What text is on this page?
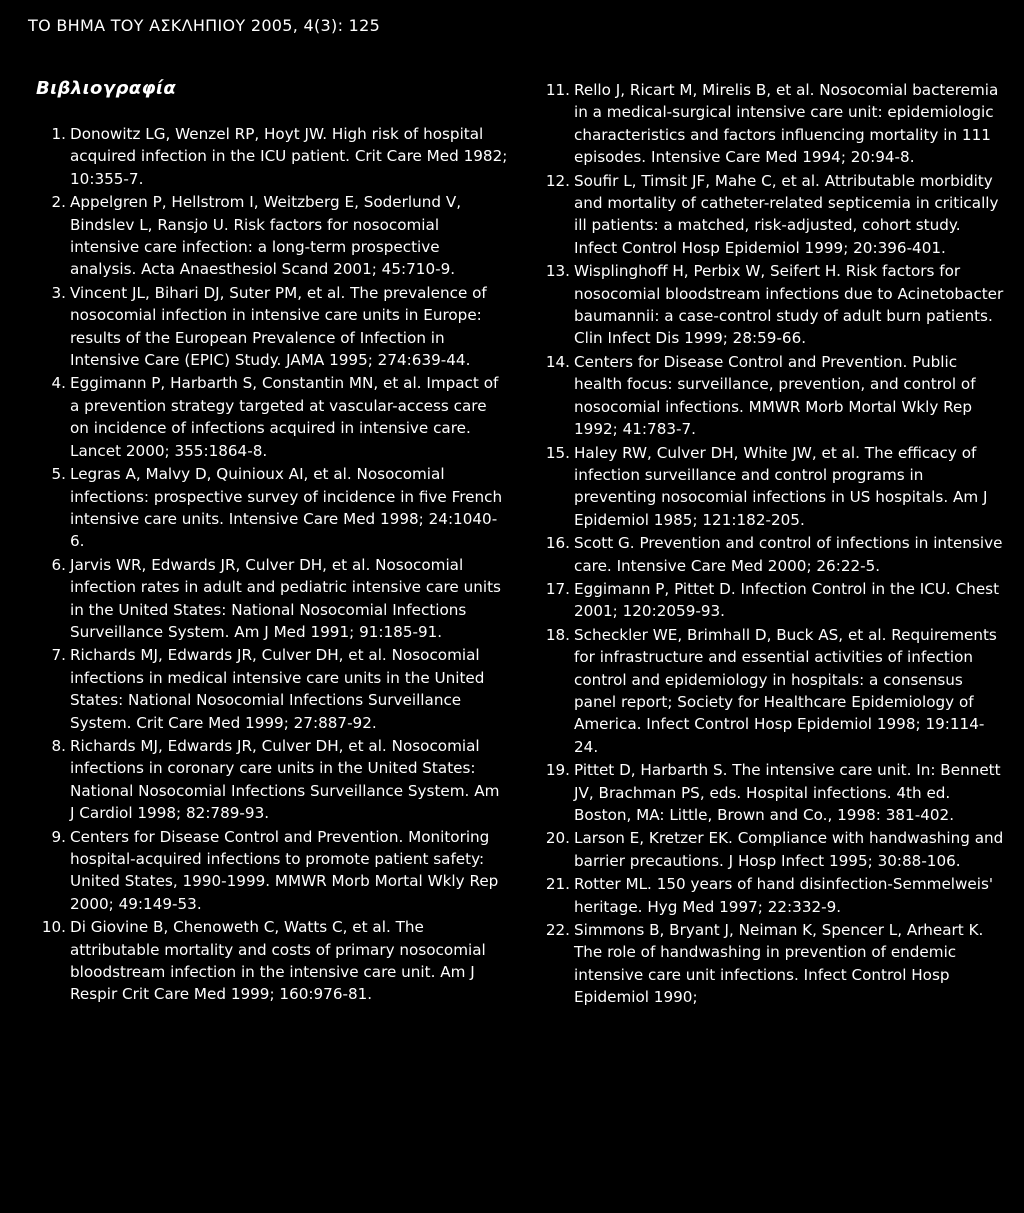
ΤΟ ΒΗΜΑ ΤΟΥ ΑΣΚΛΗΠΙΟΥ 2005, 4(3): 125
Βιβλιογραφία
1. Donowitz LG, Wenzel RP, Hoyt JW. High risk of hospital acquired infection in the ICU patient. Crit Care Med 1982; 10:355-7.
2. Appelgren P, Hellstrom I, Weitzberg E, Soderlund V, Bindslev L, Ransjo U. Risk factors for nosocomial intensive care infection: a long-term prospective analysis. Acta Anaesthesiol Scand 2001; 45:710-9.
3. Vincent JL, Bihari DJ, Suter PM, et al. The prevalence of nosocomial infection in intensive care units in Europe: results of the European Prevalence of Infection in Intensive Care (EPIC) Study. JAMA 1995; 274:639-44.
4. Eggimann P, Harbarth S, Constantin MN, et al. Impact of a prevention strategy targeted at vascular-access care on incidence of infections acquired in intensive care. Lancet 2000; 355:1864-8.
5. Legras A, Malvy D, Quinioux AI, et al. Nosocomial infections: prospective survey of incidence in five French intensive care units. Intensive Care Med 1998; 24:1040-6.
6. Jarvis WR, Edwards JR, Culver DH, et al. Nosocomial infection rates in adult and pediatric intensive care units in the United States: National Nosocomial Infections Surveillance System. Am J Med 1991; 91:185-91.
7. Richards MJ, Edwards JR, Culver DH, et al. Nosocomial infections in medical intensive care units in the United States: National Nosocomial Infections Surveillance System. Crit Care Med 1999; 27:887-92.
8. Richards MJ, Edwards JR, Culver DH, et al. Nosocomial infections in coronary care units in the United States: National Nosocomial Infections Surveillance System. Am J Cardiol 1998; 82:789-93.
9. Centers for Disease Control and Prevention. Monitoring hospital-acquired infections to promote patient safety: United States, 1990-1999. MMWR Morb Mortal Wkly Rep 2000; 49:149-53.
10. Di Giovine B, Chenoweth C, Watts C, et al. The attributable mortality and costs of primary nosocomial bloodstream infection in the intensive care unit. Am J Respir Crit Care Med 1999; 160:976-81.
11. Rello J, Ricart M, Mirelis B, et al. Nosocomial bacteremia in a medical-surgical intensive care unit: epidemiologic characteristics and factors influencing mortality in 111 episodes. Intensive Care Med 1994; 20:94-8.
12. Soufir L, Timsit JF, Mahe C, et al. Attributable morbidity and mortality of catheter-related septicemia in critically ill patients: a matched, risk-adjusted, cohort study. Infect Control Hosp Epidemiol 1999; 20:396-401.
13. Wisplinghoff H, Perbix W, Seifert H. Risk factors for nosocomial bloodstream infections due to Acinetobacter baumannii: a case-control study of adult burn patients. Clin Infect Dis 1999; 28:59-66.
14. Centers for Disease Control and Prevention. Public health focus: surveillance, prevention, and control of nosocomial infections. MMWR Morb Mortal Wkly Rep 1992; 41:783-7.
15. Haley RW, Culver DH, White JW, et al. The efficacy of infection surveillance and control programs in preventing nosocomial infections in US hospitals. Am J Epidemiol 1985; 121:182-205.
16. Scott G. Prevention and control of infections in intensive care. Intensive Care Med 2000; 26:22-5.
17. Eggimann P, Pittet D. Infection Control in the ICU. Chest 2001; 120:2059-93.
18. Scheckler WE, Brimhall D, Buck AS, et al. Requirements for infrastructure and essential activities of infection control and epidemiology in hospitals: a consensus panel report; Society for Healthcare Epidemiology of America. Infect Control Hosp Epidemiol 1998; 19:114-24.
19. Pittet D, Harbarth S. The intensive care unit. In: Bennett JV, Brachman PS, eds. Hospital infections. 4th ed. Boston, MA: Little, Brown and Co., 1998: 381-402.
20. Larson E, Kretzer EK. Compliance with handwashing and barrier precautions. J Hosp Infect 1995; 30:88-106.
21. Rotter ML. 150 years of hand disinfection-Semmelweis' heritage. Hyg Med 1997; 22:332-9.
22. Simmons B, Bryant J, Neiman K, Spencer L, Arheart K. The role of handwashing in prevention of endemic intensive care unit infections. Infect Control Hosp Epidemiol 1990;
